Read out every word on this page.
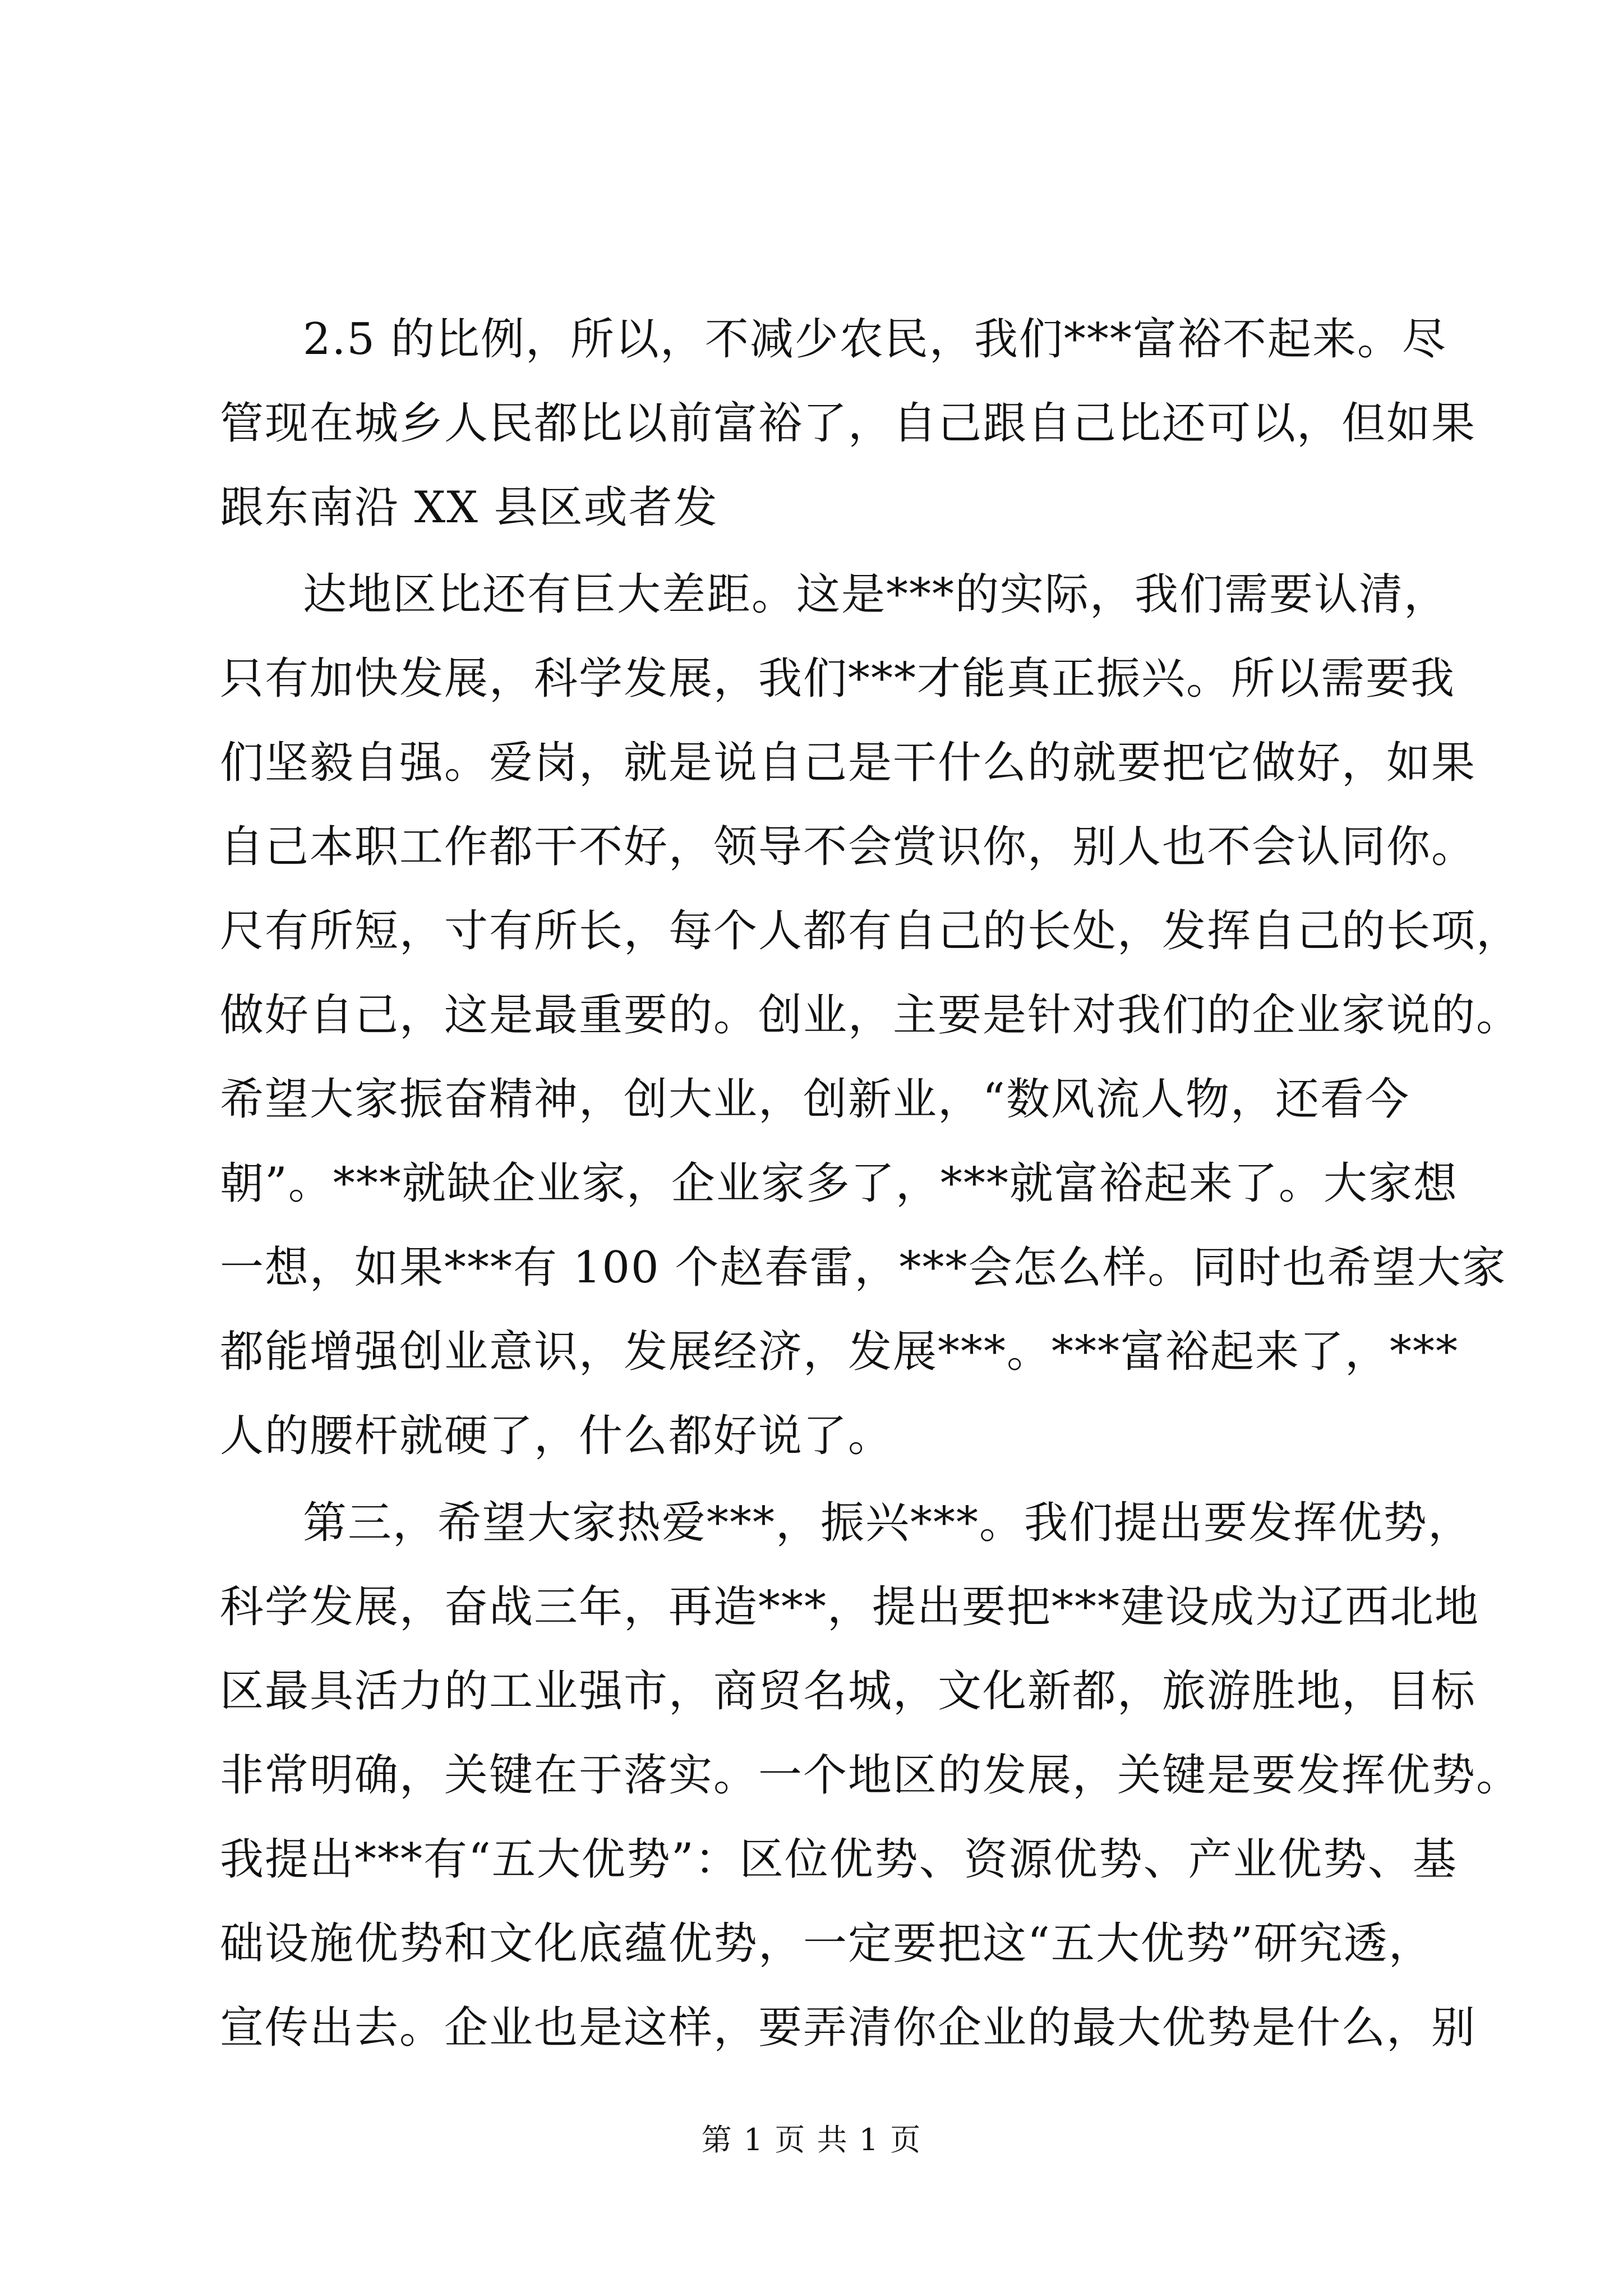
2.5 的比例，所以，不减少农民，我们***富裕不起来。尽
管现在城乡人民都比以前富裕了，自己跟自己比还可以，但如果
跟东南沿 XX 县区或者发
达地区比还有巨大差距。这是***的实际，我们需要认清，
只有加快发展，科学发展，我们***才能真正振兴。所以需要我
们坚毅自强。爱岗，就是说自己是干什么的就要把它做好，如果
自己本职工作都干不好，领导不会赏识你，别人也不会认同你。
尺有所短，寸有所长，每个人都有自己的长处，发挥自己的长项，
做好自己，这是最重要的。创业，主要是针对我们的企业家说的。
希望大家振奋精神，创大业，创新业，“数风流人物，还看今
朝”。***就缺企业家，企业家多了，***就富裕起来了。大家想
一想，如果***有 100 个赵春雷，***会怎么样。同时也希望大家
都能增强创业意识，发展经济，发展***。***富裕起来了，***
人的腰杆就硬了，什么都好说了。
第三，希望大家热爱***，振兴***。我们提出要发挥优势，
科学发展，奋战三年，再造***，提出要把***建设成为辽西北地
区最具活力的工业强市，商贸名城，文化新都，旅游胜地，目标
非常明确，关键在于落实。一个地区的发展，关键是要发挥优势。
我提出***有“五大优势”：区位优势、资源优势、产业优势、基
础设施优势和文化底蕴优势，一定要把这“五大优势”研究透，
宣传出去。企业也是这样，要弄清你企业的最大优势是什么，别
第 1 页 共 1 页
